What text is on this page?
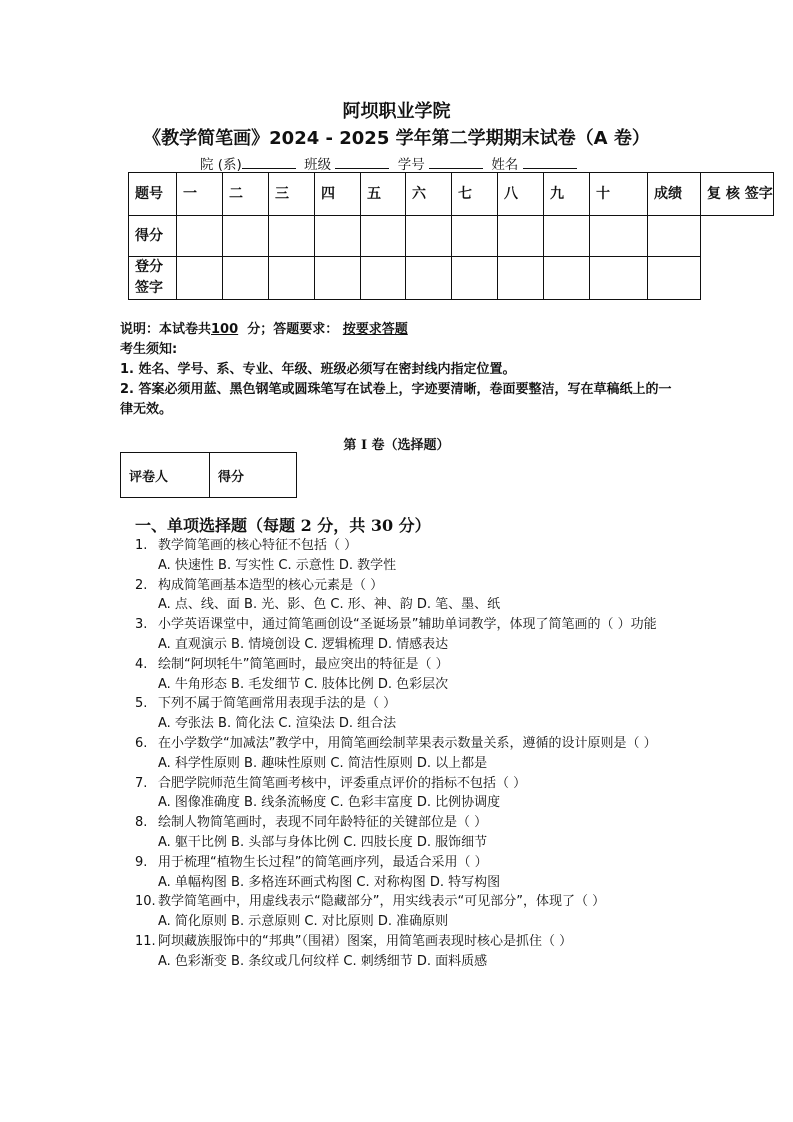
阿坝职业学院
《教学简笔画》2024 - 2025 学年第二学期期末试卷（A 卷）
院 (系)	班级	学号	姓名
题号	一	二	三	四	五	六	七	八	九	十	成绩	复 核 签字
得分												
登分 签字												
说明：本试卷共100 分；答题要求： 按要求答题
考生须知:
1. 姓名、学号、系、专业、年级、班级必须写在密封线内指定位置。
2. 答案必须用蓝、黑色钢笔或圆珠笔写在试卷上，字迹要清晰，卷面要整洁，写在草稿纸上的一律无效。
第 I 卷（选择题）
评卷人	得分
一、单项选择题（每题 2 分，共 30 分）
1. 教学简笔画的核心特征不包括（ ）
A. 快速性 B. 写实性 C. 示意性 D. 教学性
2. 构成简笔画基本造型的核心元素是（ ）
A. 点、线、面 B. 光、影、色 C. 形、神、韵 D. 笔、墨、纸
3. 小学英语课堂中，通过简笔画创设“圣诞场景”辅助单词教学，体现了简笔画的（ ）功能
A. 直观演示 B. 情境创设 C. 逻辑梳理 D. 情感表达
4. 绘制“阿坝牦牛”简笔画时，最应突出的特征是（ ）
A. 牛角形态 B. 毛发细节 C. 肢体比例 D. 色彩层次
5. 下列不属于简笔画常用表现手法的是（ ）
A. 夸张法 B. 简化法 C. 渲染法 D. 组合法
6. 在小学数学“加减法”教学中，用简笔画绘制苹果表示数量关系，遵循的设计原则是（ ）
A. 科学性原则 B. 趣味性原则 C. 简洁性原则 D. 以上都是
7. 合肥学院师范生简笔画考核中，评委重点评价的指标不包括（ ）
A. 图像准确度 B. 线条流畅度 C. 色彩丰富度 D. 比例协调度
8. 绘制人物简笔画时，表现不同年龄特征的关键部位是（ ）
A. 躯干比例 B. 头部与身体比例 C. 四肢长度 D. 服饰细节
9. 用于梳理“植物生长过程”的简笔画序列，最适合采用（ ）
A. 单幅构图 B. 多格连环画式构图 C. 对称构图 D. 特写构图
10. 教学简笔画中，用虚线表示“隐藏部分”，用实线表示“可见部分”，体现了（ ）
A. 简化原则 B. 示意原则 C. 对比原则 D. 准确原则
11. 阿坝藏族服饰中的“邦典”（围裙）图案，用简笔画表现时核心是抓住（ ）
A. 色彩渐变 B. 条纹或几何纹样 C. 刺绣细节 D. 面料质感
